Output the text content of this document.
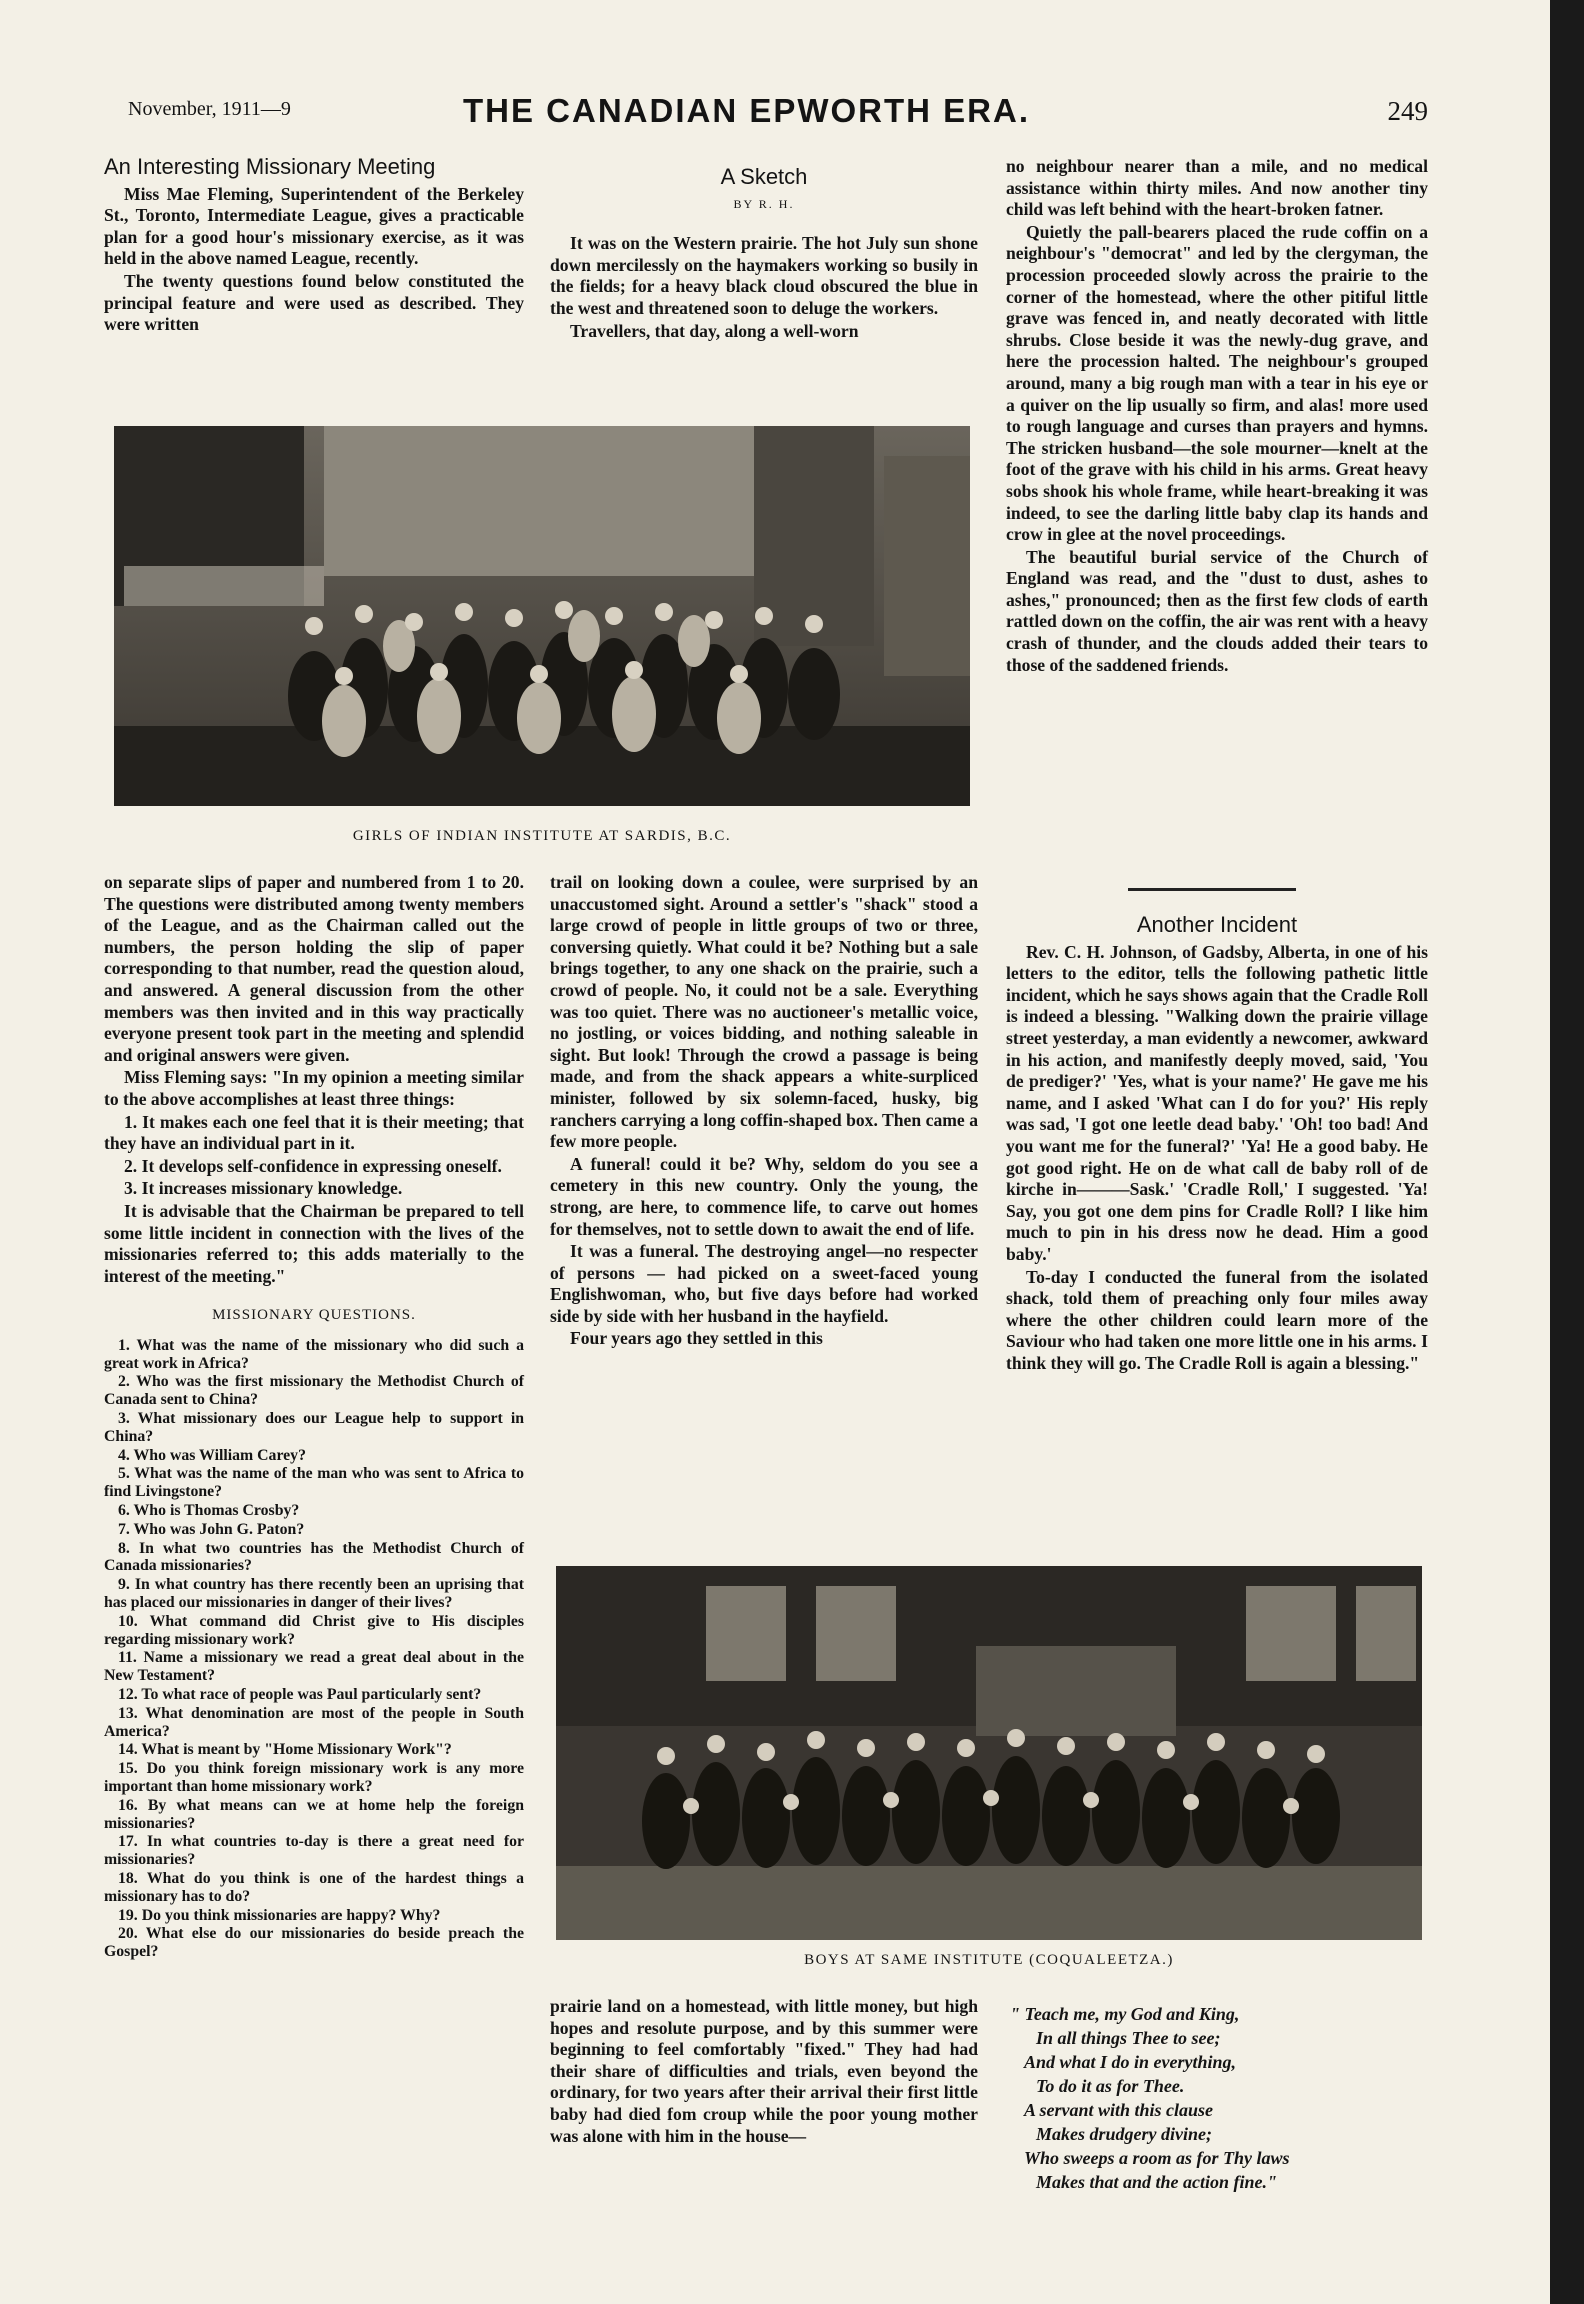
November, 1911—9	THE CANADIAN EPWORTH ERA.	249
An Interesting Missionary Meeting

Miss Mae Fleming, Superintendent of the Berkeley St., Toronto, Intermediate League, gives a practicable plan for a good hour's missionary exercise, as it was held in the above named League, recently.

The twenty questions found below constituted the principal feature and were used as described. They were written

A Sketch
BY R. H.

It was on the Western prairie. The hot July sun shone down mercilessly on the haymakers working so busily in the fields; for a heavy black cloud obscured the blue in the west and threatened soon to deluge the workers.

Travellers, that day, along a well-worn

no neighbour nearer than a mile, and no medical assistance within thirty miles. And now another tiny child was left behind with the heart-broken fatner.

Quietly the pall-bearers placed the rude coffin on a neighbour's "democrat" and led by the clergyman, the procession proceeded slowly across the prairie to the corner of the homestead, where the other pitiful little grave was fenced in, and neatly decorated with little shrubs. Close beside it was the newly-dug grave, and here the procession halted. The neighbour's grouped around, many a big rough man with a tear in his eye or a quiver on the lip usually so firm, and alas! more used to rough language and curses than prayers and hymns. The stricken husband—the sole mourner—knelt at the foot of the grave with his child in his arms. Great heavy sobs shook his whole frame, while heart-breaking it was indeed, to see the darling little baby clap its hands and crow in glee at the novel proceedings.

The beautiful burial service of the Church of England was read, and the "dust to dust, ashes to ashes," pronounced; then as the first few clods of earth rattled down on the coffin, the air was rent with a heavy crash of thunder, and the clouds added their tears to those of the saddened friends.

GIRLS OF INDIAN INSTITUTE AT SARDIS, B.C.

on separate slips of paper and numbered from 1 to 20. The questions were distributed among twenty members of the League, and as the Chairman called out the numbers, the person holding the slip of paper corresponding to that number, read the question aloud, and answered. A general discussion from the other members was then invited and in this way practically everyone present took part in the meeting and splendid and original answers were given.

Miss Fleming says: "In my opinion a meeting similar to the above accomplishes at least three things:

1. It makes each one feel that it is their meeting; that they have an individual part in it.

2. It develops self-confidence in expressing oneself.

3. It increases missionary knowledge.

It is advisable that the Chairman be prepared to tell some little incident in connection with the lives of the missionaries referred to; this adds materially to the interest of the meeting."

MISSIONARY QUESTIONS.

1. What was the name of the missionary who did such a great work in Africa?

2. Who was the first missionary the Methodist Church of Canada sent to China?

3. What missionary does our League help to support in China?

4. Who was William Carey?

5. What was the name of the man who was sent to Africa to find Livingstone?

6. Who is Thomas Crosby?

7. Who was John G. Paton?

8. In what two countries has the Methodist Church of Canada missionaries?

9. In what country has there recently been an uprising that has placed our missionaries in danger of their lives?

10. What command did Christ give to His disciples regarding missionary work?

11. Name a missionary we read a great deal about in the New Testament?

12. To what race of people was Paul particularly sent?

13. What denomination are most of the people in South America?

14. What is meant by "Home Missionary Work"?

15. Do you think foreign missionary work is any more important than home missionary work?

16. By what means can we at home help the foreign missionaries?

17. In what countries to-day is there a great need for missionaries?

18. What do you think is one of the hardest things a missionary has to do?

19. Do you think missionaries are happy? Why?

20. What else do our missionaries do beside preach the Gospel?

trail on looking down a coulee, were surprised by an unaccustomed sight. Around a settler's "shack" stood a large crowd of people in little groups of two or three, conversing quietly. What could it be? Nothing but a sale brings together, to any one shack on the prairie, such a crowd of people. No, it could not be a sale. Everything was too quiet. There was no auctioneer's metallic voice, no jostling, or voices bidding, and nothing saleable in sight. But look! Through the crowd a passage is being made, and from the shack appears a white-surpliced minister, followed by six solemn-faced, husky, big ranchers carrying a long coffin-shaped box. Then came a few more people.

A funeral! could it be? Why, seldom do you see a cemetery in this new country. Only the young, the strong, are here, to commence life, to carve out homes for themselves, not to settle down to await the end of life.

It was a funeral. The destroying angel—no respecter of persons — had picked on a sweet-faced young Englishwoman, who, but five days before had worked side by side with her husband in the hayfield.

Four years ago they settled in this

Another Incident

Rev. C. H. Johnson, of Gadsby, Alberta, in one of his letters to the editor, tells the following pathetic little incident, which he says shows again that the Cradle Roll is indeed a blessing. "Walking down the prairie village street yesterday, a man evidently a newcomer, awkward in his action, and manifestly deeply moved, said, 'You de prediger?' 'Yes, what is your name?' He gave me his name, and I asked 'What can I do for you?' His reply was sad, 'I got one leetle dead baby.' 'Oh! too bad! And you want me for the funeral?' 'Ya! He a good baby. He got good right. He on de what call de baby roll of de kirche in———Sask.' 'Cradle Roll,' I suggested. 'Ya! Say, you got one dem pins for Cradle Roll? I like him much to pin in his dress now he dead. Him a good baby.'

To-day I conducted the funeral from the isolated shack, told them of preaching only four miles away where the other children could learn more of the Saviour who had taken one more little one in his arms. I think they will go. The Cradle Roll is again a blessing."

BOYS AT SAME INSTITUTE (COQUALEETZA.)

prairie land on a homestead, with little money, but high hopes and resolute purpose, and by this summer were beginning to feel comfortably "fixed." They had had their share of difficulties and trials, even beyond the ordinary, for two years after their arrival their first little baby had died fom croup while the poor young mother was alone with him in the house—

" Teach me, my God and King,

In all things Thee to see;

And what I do in everything,

To do it as for Thee.

A servant with this clause

Makes drudgery divine;

Who sweeps a room as for Thy laws

Makes that and the action fine."
